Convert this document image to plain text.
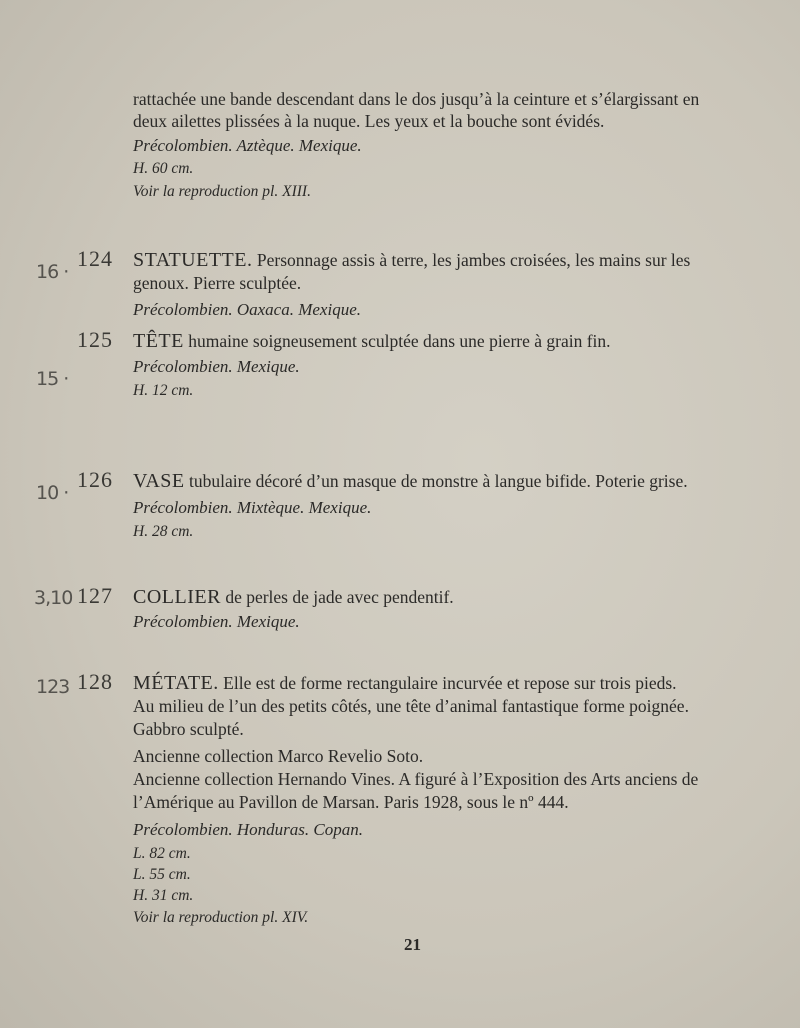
rattachée une bande descendant dans le dos jusqu’à la ceinture et s’élargissant en
deux ailettes plissées à la nuque. Les yeux et la bouche sont évidés.
Précolombien. Aztèque. Mexique.
H. 60 cm.
Voir la reproduction pl. XIII.
16 ·
124 STATUETTE. Personnage assis à terre, les jambes croisées, les mains sur les
genoux. Pierre sculptée.
Précolombien. Oaxaca. Mexique.
15 ·
125 TÊTE humaine soigneusement sculptée dans une pierre à grain fin.
Précolombien. Mexique.
H. 12 cm.
10 ·
126 VASE tubulaire décoré d’un masque de monstre à langue bifide. Poterie grise.
Précolombien. Mixtèque. Mexique.
H. 28 cm.
3,10 127 COLLIER de perles de jade avec pendentif.
Précolombien. Mexique.
123 128 MÉTATE. Elle est de forme rectangulaire incurvée et repose sur trois pieds.
Au milieu de l’un des petits côtés, une tête d’animal fantastique forme poignée.
Gabbro sculpté.
Ancienne collection Marco Revelio Soto.
Ancienne collection Hernando Vines. A figuré à l’Exposition des Arts anciens de
l’Amérique au Pavillon de Marsan. Paris 1928, sous le nº 444.
Précolombien. Honduras. Copan.
L. 82 cm.
L. 55 cm.
H. 31 cm.
Voir la reproduction pl. XIV.
21
